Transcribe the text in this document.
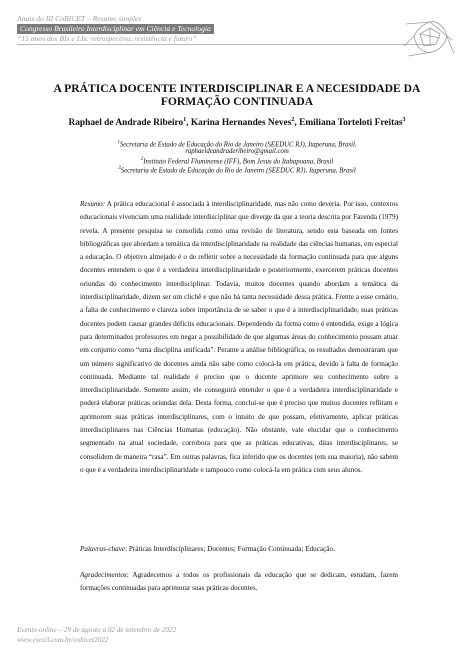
Anais do III CoBICET – Resumo simples
Congresso Brasileiro Interdisciplinar em Ciência e Tecnologia
“15 anos dos BIs e LIs: retrospectiva, resistência e futuro”
A PRÁTICA DOCENTE INTERDISCIPLINAR E A NECESIDDADE DA
FORMAÇÃO CONTINUADA
Raphael de Andrade Ribeiro$^1$, Karina Hernandes Neves$^2$, Emiliana Torteloti Freitas$^3$
$^1$Secretaria de Estado de Educação do Rio de Janeiro (SEEDUC RJ), Itaperuna, Brasil,
raphaeldeandraderibeiro@gmail.com
$^2$Instituto Federal Fluminense (IFF), Bom Jesus do Itabapoana, Brasil
$^3$Secretaria de Estado de Educação do Rio de Janeiro (SEEDUC RJ), Itaperuna, Brasil

Resumo: A prática educacional é associada à interdisciplinaridade, mas não como deveria. Por isso, contextos educacionais vivenciam uma realidade interdisciplinar que diverge da que a teoria descrita por Fazenda (1979) revela. A presente pesquisa se consolida como uma revisão de literatura, sendo esta baseada em fontes bibliográficas que abordam a temática da interdisciplinaridade na realidade das ciências humanas, em especial a educação. O objetivo almejado é o de refletir sobre a necessidade da formação continuada para que alguns docentes entendem o que é a verdadeira interdisciplinaridade e posteriormente, exercerem práticas docentes oriundas do conhecimento interdisciplinar. Todavia, muitos docentes quando abordam a temática da interdisciplinaridade, dizem ser um clichê e que não há tanta necessidade dessa prática. Frente a esse cenário, a falta de conhecimento e clareza sobre importância de se saber o que é a interdisciplinaridade, suas práticas docentes podem causar grandes déficits educacionais. Dependendo da forma como é entendida, exige a lógica para determinados professores em negar a possibilidade de que algumas áreas do conhecimento possam atuar em conjunto como “uma disciplina unificada”. Perante a análise bibliográfica, os resultados demostraram que um número significativo de docentes ainda não sabe como colocá-la em prática, devido à falta de formação continuada. Mediante tal realidade é preciso que o docente aprimore seu conhecimento sobre a interdisciplinaridade. Somente assim, ele conseguirá entender o que é a verdadeira interdisciplinaridade e poderá elaborar práticas oriundas dela. Desta forma, conclui-se que é preciso que muitos docentes reflitam e aprimorem suas práticas interdisciplinares, com o intuito de que possam, efetivamente, aplicar práticas interdisciplinares nas Ciências Humanas (educação). Não obstante, vale elucidar que o conhecimento segmentado na atual sociedade, corrobora para que as práticas educativas, ditas interdisciplinares, se consolidem de maneira “rasa”. Em outras palavras, fica inferido que os docentes (em sua maioria), não sabem o que é a verdadeira interdisciplinaridade e tampouco como colocá-la em prática com seus alunos.

Palavras-chave: Práticas Interdisciplinares; Docentes; Formação Continuada; Educação.

Agradecimentos: Agradecemos a todos os profissionais da educação que se dedicam, estudam, fazem formações continuadas para aprimorar suas práticas docentes.

Evento online – 29 de agosto a 02 de setembro de 2022
www.even3.com.br/cobicet2022
